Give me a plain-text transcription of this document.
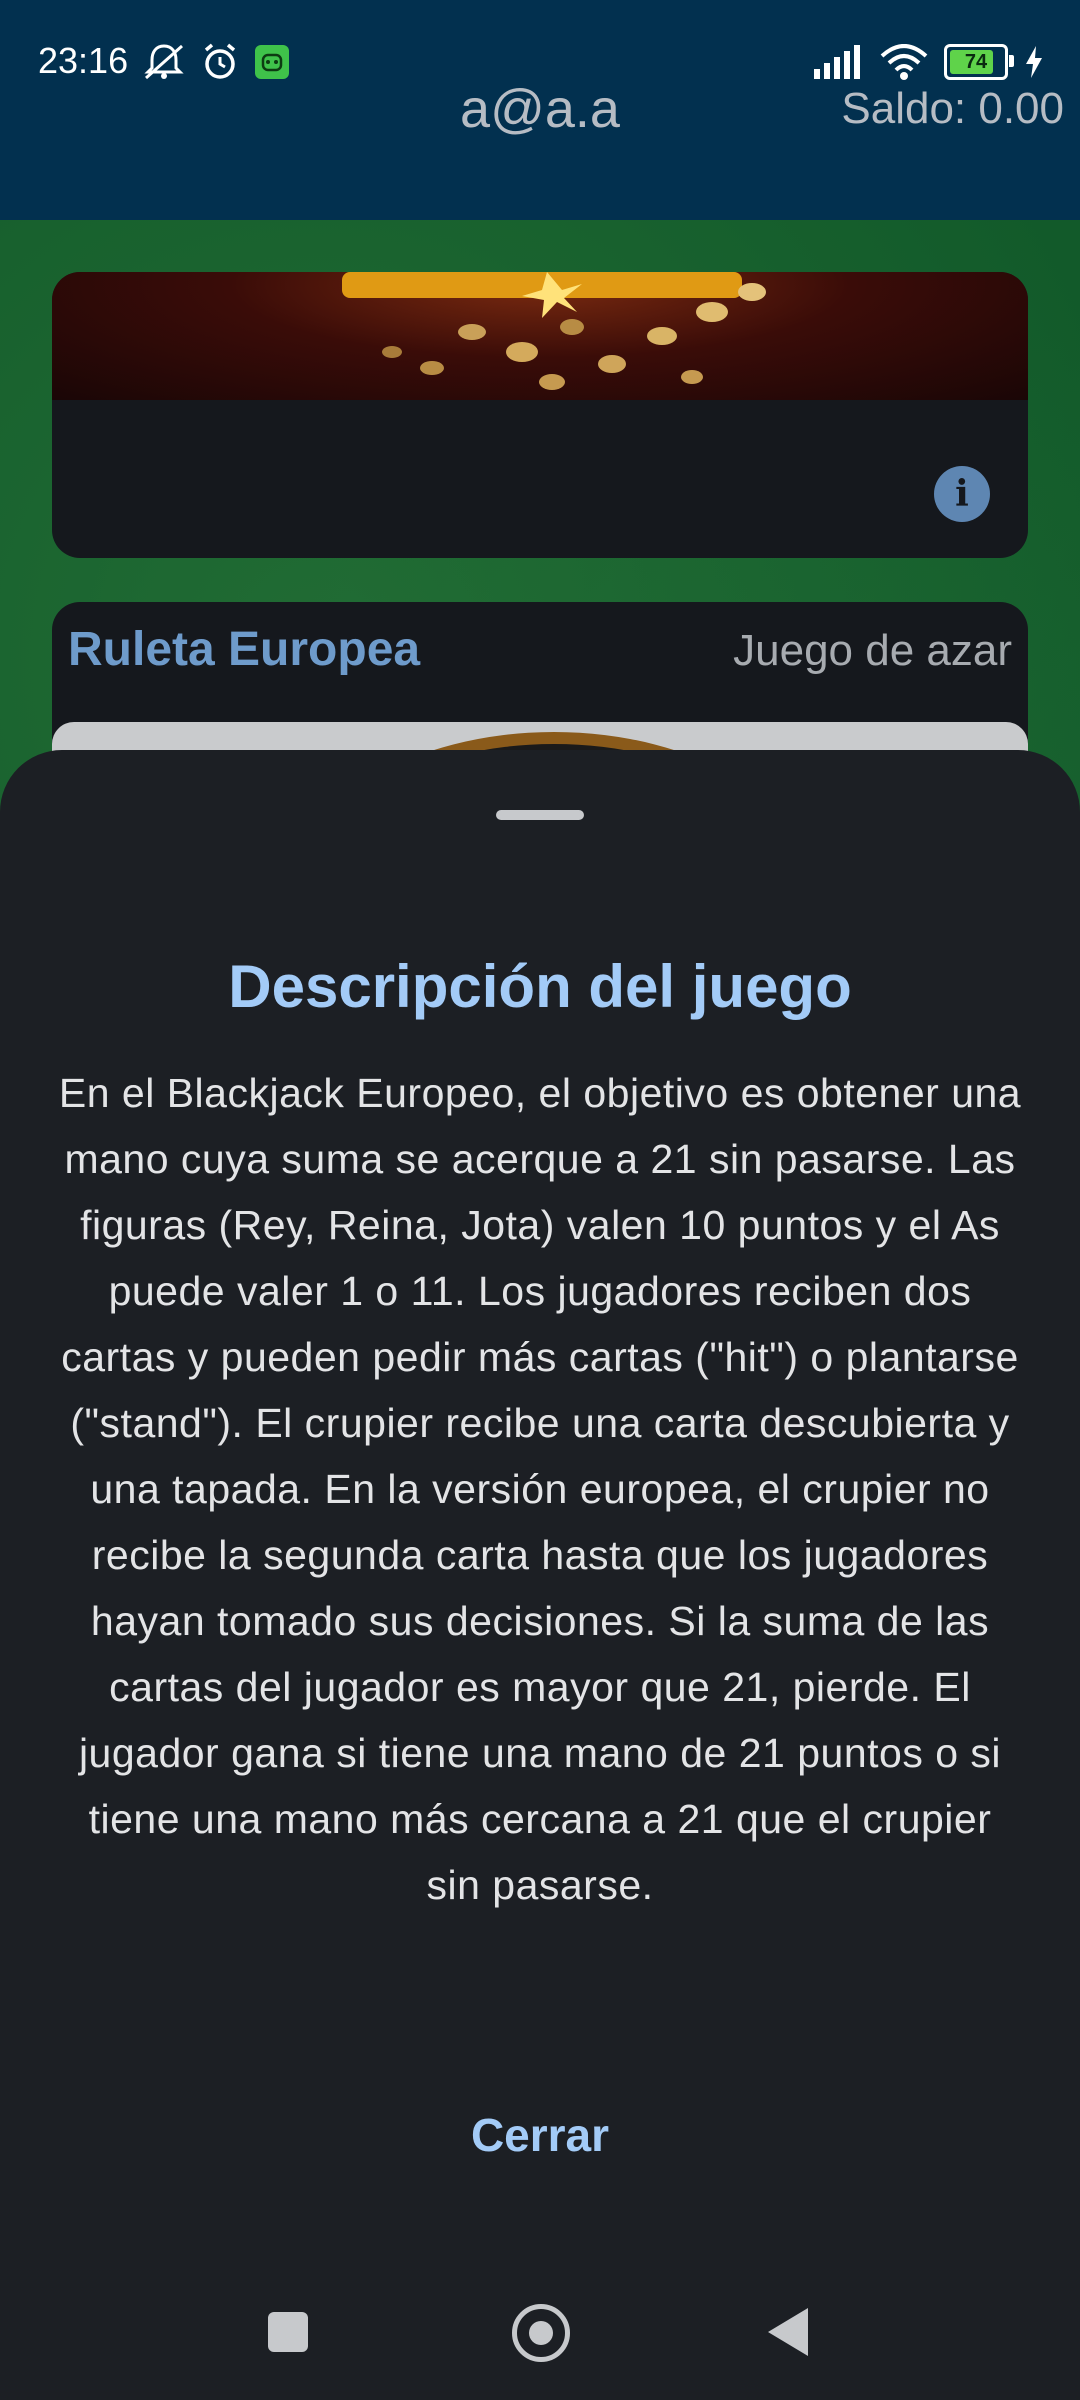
23:16	74
a@a.a	Saldo: 0.00
i
Ruleta Europea	Juego de azar
Descripción del juego
En el Blackjack Europeo, el objetivo es obtener una mano cuya suma se acerque a 21 sin pasarse. Las figuras (Rey, Reina, Jota) valen 10 puntos y el As puede valer 1 o 11. Los jugadores reciben dos cartas y pueden pedir más cartas ("hit") o plantarse ("stand"). El crupier recibe una carta descubierta y una tapada. En la versión europea, el crupier no recibe la segunda carta hasta que los jugadores hayan tomado sus decisiones. Si la suma de las cartas del jugador es mayor que 21, pierde. El jugador gana si tiene una mano de 21 puntos o si tiene una mano más cercana a 21 que el crupier sin pasarse.
Cerrar
